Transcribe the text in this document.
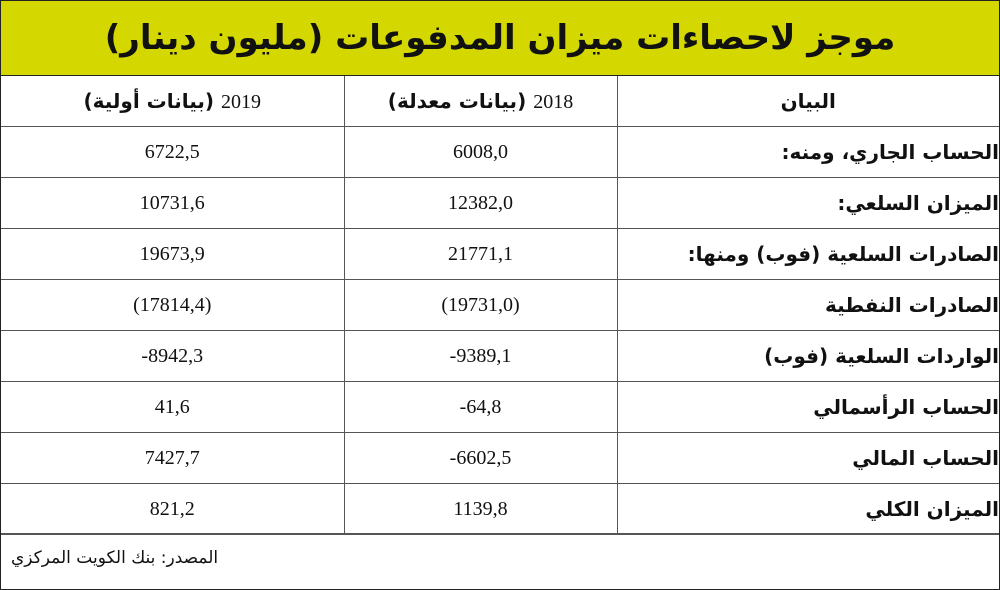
موجز لاحصاءات ميزان المدفوعات (مليون دينار)
البيان	2018 (بيانات معدلة)	2019 (بيانات أولية)
الحساب الجاري، ومنه:	6008,0	6722,5
الميزان السلعي:	12382,0	10731,6
الصادرات السلعية (فوب) ومنها:	21771,1	19673,9
الصادرات النفطية	(19731,0)	(17814,4)
الواردات السلعية (فوب)	-9389,1	-8942,3
الحساب الرأسمالي	-64,8	41,6
الحساب المالي	-6602,5	7427,7
الميزان الكلي	1139,8	821,2
المصدر: بنك الكويت المركزي
